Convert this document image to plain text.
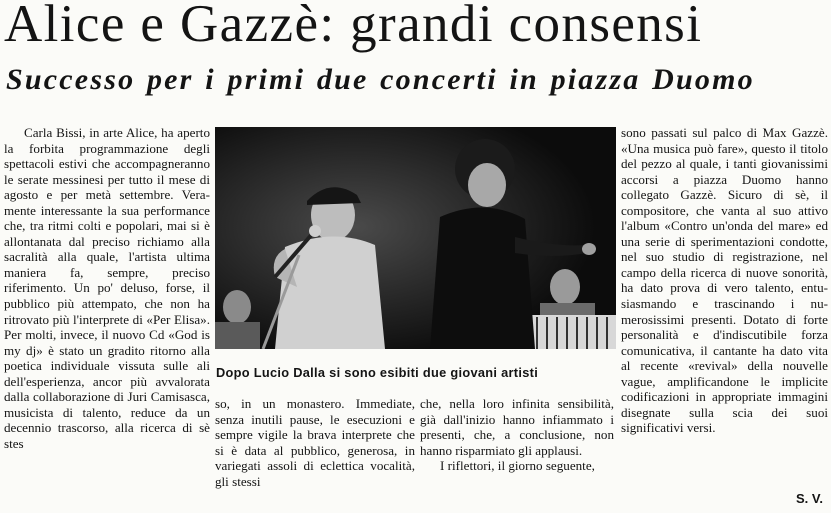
Alice e Gazzè: grandi consensi
Successo per i primi due concerti in piazza Duomo

Carla Bissi, in arte Alice, ha aperto la forbita programmazione degli spettacoli estivi che accompagneranno le serate messinesi per tutto il mese di agosto e per metà settembre. Veramente interessante la sua performance che, tra ritmi colti e popolari, mai si è allontanata dal preciso richiamo alla sacralità alla quale, l'artista ultima maniera fa, sempre, preciso riferimento. Un po' deluso, forse, il pubblico più attempato, che non ha ritrovato più l'interprete di «Per Elisa». Per molti, invece, il nuovo Cd «God is my dj» è stato un gradito ritorno alla poetica individuale vissuta sulle ali dell'esperienza, ancor più avvalorata dalla collaborazione di Juri Camisasca, musicista di talento, reduce da un decennio trascorso, alla ricerca di sè stes

Dopo Lucio Dalla si sono esibiti due giovani artisti

so, in un monastero. Immediate, senza inutili pause, le esecuzioni e sempre vigile la brava interprete che si è data al pubblico, generosa, in variegati assoli di eclettica vocalità, gli stessi

che, nella loro infinita sensibilità, già dall'inizio hanno infiammato i presenti, che, a conclusione, non hanno risparmiato gli applausi.

I riflettori, il giorno seguente,

sono passati sul palco di Max Gazzè. «Una musica può fare», questo il titolo del pezzo al quale, i tanti giovanissimi accorsi a piazza Duomo hanno collegato Gazzè. Sicuro di sè, il compositore, che vanta al suo attivo l'album «Contro un'onda del mare» ed una serie di sperimentazioni condotte, nel suo studio di registrazione, nel campo della ricerca di nuove sonorità, ha dato prova di vero talento, entusiasmando e trascinando i numerosissimi presenti. Dotato di forte personalità e d'indiscutibile forza comunicativa, il cantante ha dato vita al recente «revival» della nouvelle vague, amplificandone le implicite codificazioni in appropriate immagini disegnate sulla scia dei suoi significativi versi.

S. V.
